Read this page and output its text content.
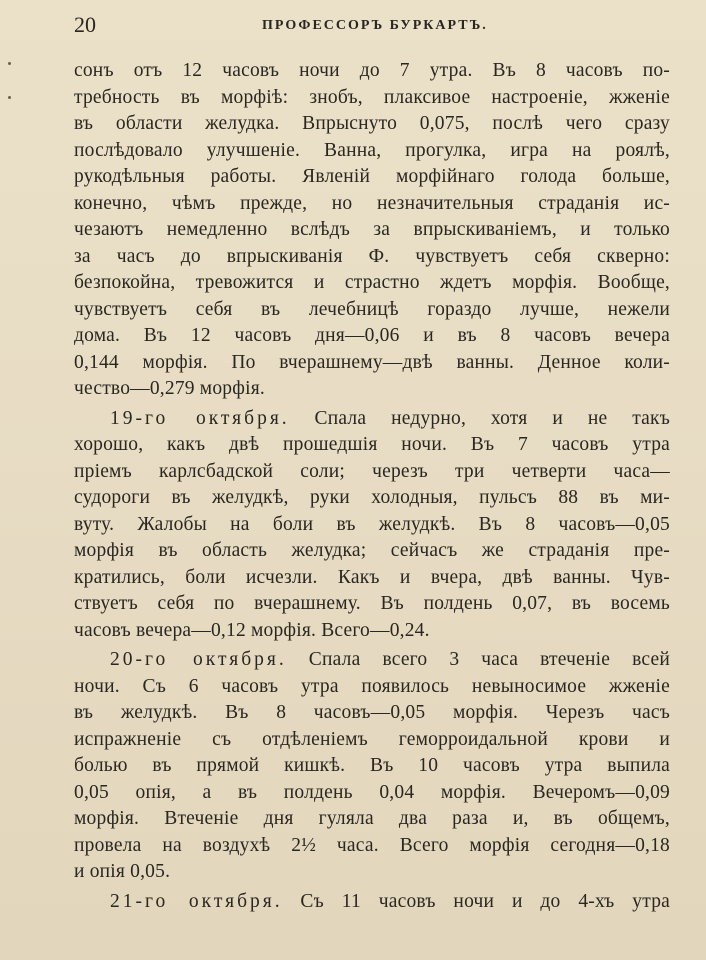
20	ПРОФЕССОРЪ БУРКАРТЪ.
сонъ отъ 12 часовъ ночи до 7 утра. Въ 8 часовъ по-
требность въ морфіѣ: знобъ, плаксивое настроеніе, жженіе
въ области желудка. Впрыснуто 0,075, послѣ чего сразу
послѣдовало улучшеніе. Ванна, прогулка, игра на роялѣ,
рукодѣльныя работы. Явленій морфійнаго голода больше,
конечно, чѣмъ прежде, но незначительныя страданія ис-
чезаютъ немедленно вслѣдъ за впрыскиваніемъ, и только
за часъ до впрыскиванія Ф. чувствуетъ себя скверно:
безпокойна, тревожится и страстно ждетъ морфія. Вообще,
чувствуетъ себя въ лечебницѣ гораздо лучше, нежели
дома. Въ 12 часовъ дня—0,06 и въ 8 часовъ вечера
0,144 морфія. По вчерашнему—двѣ ванны. Денное коли-
чество—0,279 морфія.
19-го октября. Спала недурно, хотя и не такъ
хорошо, какъ двѣ прошедшія ночи. Въ 7 часовъ утра
пріемъ карлсбадской соли; черезъ три четверти часа—
судороги въ желудкѣ, руки холодныя, пульсъ 88 въ ми-
вуту. Жалобы на боли въ желудкѣ. Въ 8 часовъ—0,05
морфія въ область желудка; сейчасъ же страданія пре-
кратились, боли исчезли. Какъ и вчера, двѣ ванны. Чув-
ствуетъ себя по вчерашнему. Въ полдень 0,07, въ восемь
часовъ вечера—0,12 морфія. Всего—0,24.
20-го октября. Спала всего 3 часа втеченіе всей
ночи. Съ 6 часовъ утра появилось невыносимое жженіе
въ желудкѣ. Въ 8 часовъ—0,05 морфія. Черезъ часъ
испражненіе съ отдѣленіемъ геморроидальной крови и
болью въ прямой кишкѣ. Въ 10 часовъ утра выпила
0,05 опія, а въ полдень 0,04 морфія. Вечеромъ—0,09
морфія. Втеченіе дня гуляла два раза и, въ общемъ,
провела на воздухѣ 2½ часа. Всего морфія сегодня—0,18
и опія 0,05.
21-го октября. Съ 11 часовъ ночи и до 4-хъ утра
